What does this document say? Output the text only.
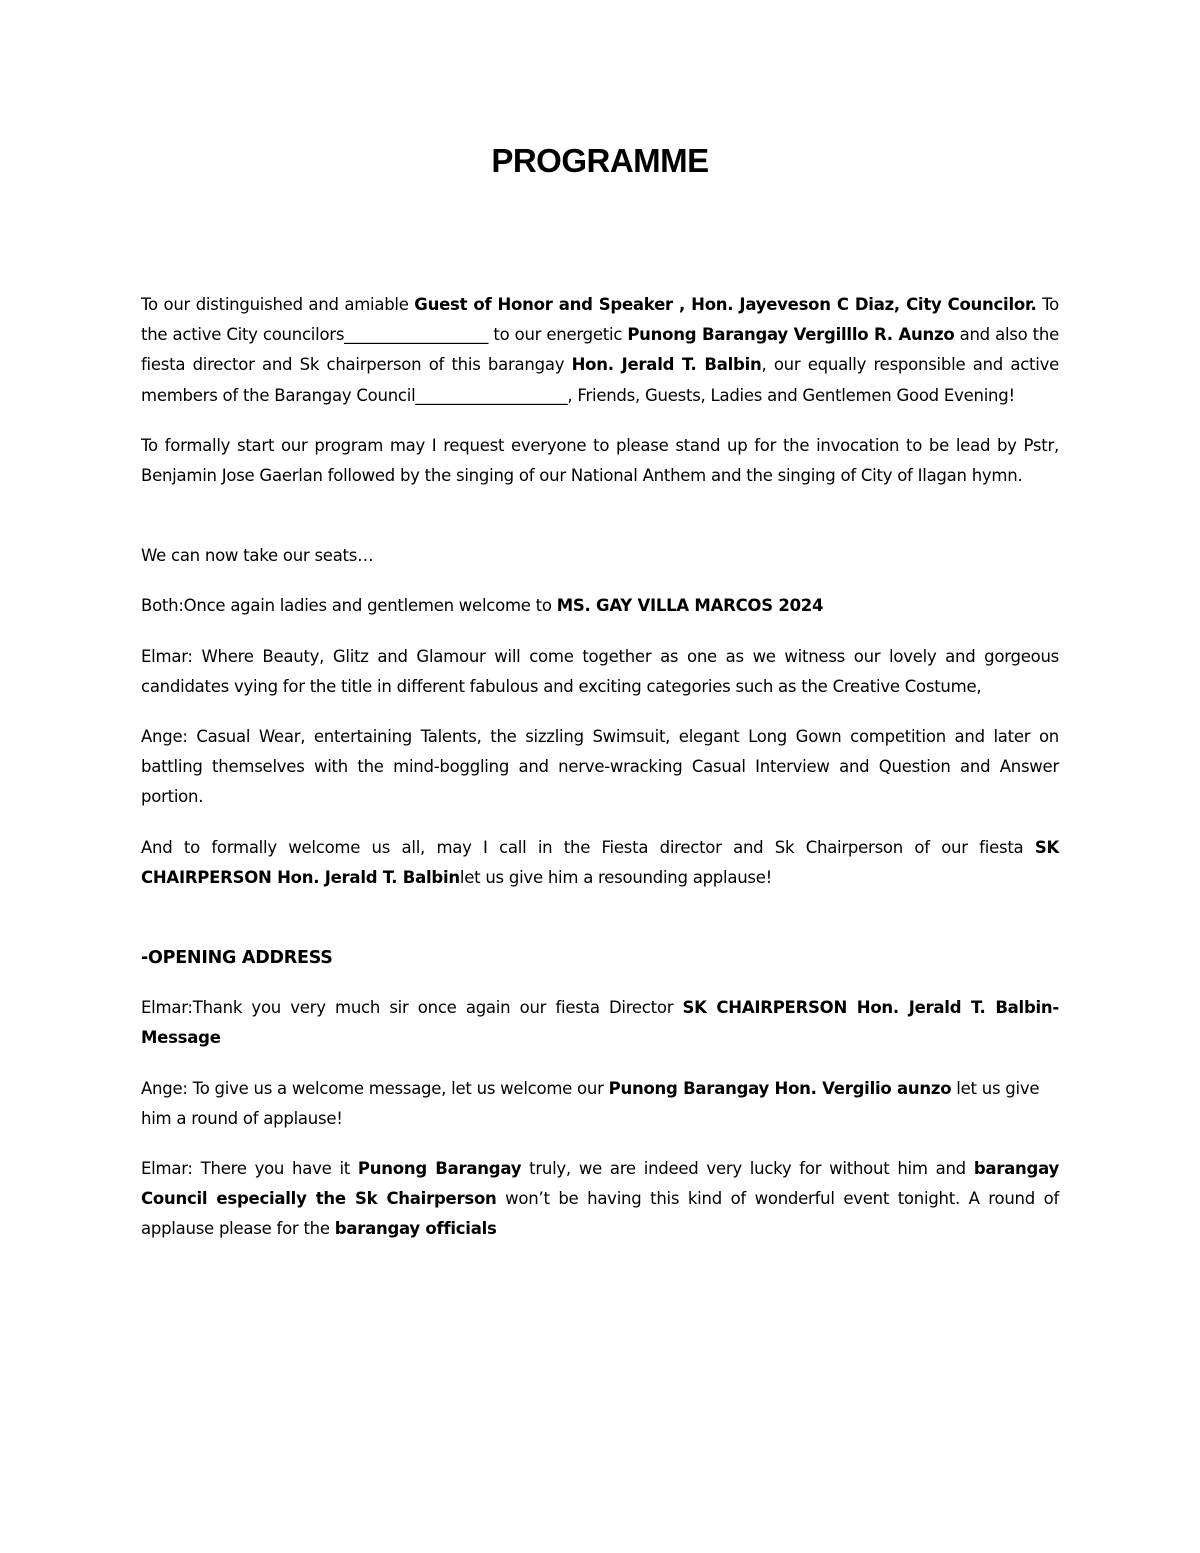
PROGRAMME

To our distinguished and amiable Guest of Honor and Speaker , Hon. Jayeveson C Diaz, City Councilor. To the active City councilors__________________ to our energetic Punong Barangay Vergilllo R. Aunzo and also the fiesta director and Sk chairperson of this barangay Hon. Jerald T. Balbin, our equally responsible and active members of the Barangay Council___________________, Friends, Guests, Ladies and Gentlemen Good Evening!

To formally start our program may I request everyone to please stand up for the invocation to be lead by Pstr, Benjamin Jose Gaerlan followed by the singing of our National Anthem and the singing of City of Ilagan hymn.

We can now take our seats…

Both:Once again ladies and gentlemen welcome to MS. GAY VILLA MARCOS 2024

Elmar: Where Beauty, Glitz and Glamour will come together as one as we witness our lovely and gorgeous candidates vying for the title in different fabulous and exciting categories such as the Creative Costume,

Ange: Casual Wear, entertaining Talents, the sizzling Swimsuit, elegant Long Gown competition and later on battling themselves with the mind-boggling and nerve-wracking Casual Interview and Question and Answer portion.

And to formally welcome us all, may I call in the Fiesta director and Sk Chairperson of our fiesta SK CHAIRPERSON Hon. Jerald T. Balbinlet us give him a resounding applause!

-OPENING ADDRESS

Elmar:Thank you very much sir once again our fiesta Director SK CHAIRPERSON Hon. Jerald T. Balbin- Message

Ange: To give us a welcome message, let us welcome our Punong Barangay Hon. Vergilio aunzo let us give him a round of applause!

Elmar: There you have it Punong Barangay truly, we are indeed very lucky for without him and barangay Council especially the Sk Chairperson won’t be having this kind of wonderful event tonight. A round of applause please for the barangay officials
